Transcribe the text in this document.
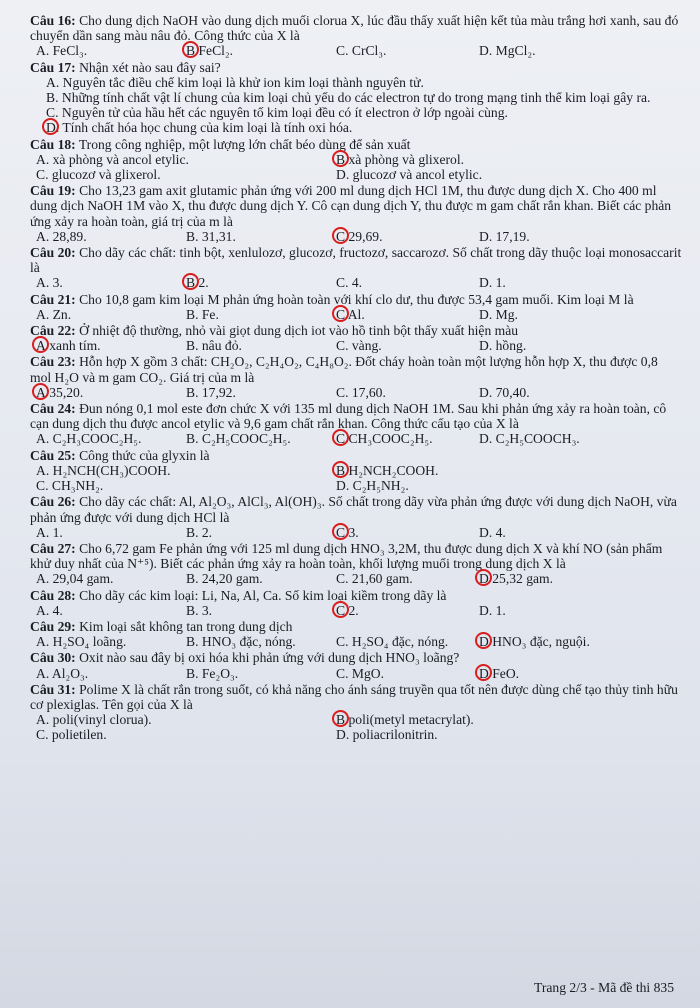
Câu 16: Cho dung dịch NaOH vào dung dịch muối clorua X, lúc đầu thấy xuất hiện kết tủa màu trắng hơi xanh, sau đó chuyển dần sang màu nâu đỏ. Công thức của X là
A. FeCl₃.	B FeCl₂.	C. CrCl₃.	D. MgCl₂.
Câu 17: Nhận xét nào sau đây sai?
A. Nguyên tắc điều chế kim loại là khử ion kim loại thành nguyên tử.
B. Những tính chất vật lí chung của kim loại chủ yếu do các electron tự do trong mạng tinh thể kim loại gây ra.
C. Nguyên tử của hầu hết các nguyên tố kim loại đều có ít electron ở lớp ngoài cùng.
D. Tính chất hóa học chung của kim loại là tính oxi hóa.
Câu 18: Trong công nghiệp, một lượng lớn chất béo dùng để sản xuất
A. xà phòng và ancol etylic.	B xà phòng và glixerol.
C. glucozơ và glixerol.	D. glucozơ và ancol etylic.
Câu 19: Cho 13,23 gam axit glutamic phản ứng với 200 ml dung dịch HCl 1M, thu được dung dịch X. Cho 400 ml dung dịch NaOH 1M vào X, thu được dung dịch Y. Cô cạn dung dịch Y, thu được m gam chất rắn khan. Biết các phản ứng xảy ra hoàn toàn, giá trị của m là
A. 28,89.	B. 31,31.	C 29,69.	D. 17,19.
Câu 20: Cho dãy các chất: tinh bột, xenlulozơ, glucozơ, fructozơ, saccarozơ. Số chất trong dãy thuộc loại monosaccarit là
A. 3.	B 2.	C. 4.	D. 1.
Câu 21: Cho 10,8 gam kim loại M phản ứng hoàn toàn với khí clo dư, thu được 53,4 gam muối. Kim loại M là
A. Zn.	B. Fe.	C Al.	D. Mg.
Câu 22: Ở nhiệt độ thường, nhỏ vài giọt dung dịch iot vào hồ tinh bột thấy xuất hiện màu
A xanh tím.	B. nâu đỏ.	C. vàng.	D. hồng.
Câu 23: Hỗn hợp X gồm 3 chất: CH₂O₂, C₂H₄O₂, C₄H₈O₂. Đốt cháy hoàn toàn một lượng hỗn hợp X, thu được 0,8 mol H₂O và m gam CO₂. Giá trị của m là
A 35,20.	B. 17,92.	C. 17,60.	D. 70,40.
Câu 24: Đun nóng 0,1 mol este đơn chức X với 135 ml dung dịch NaOH 1M. Sau khi phản ứng xảy ra hoàn toàn, cô cạn dung dịch thu được ancol etylic và 9,6 gam chất rắn khan. Công thức cấu tạo của X là
A. C₂H₃COOC₂H₅.	B. C₂H₅COOC₂H₅.	C CH₃COOC₂H₅.	D. C₂H₅COOCH₃.
Câu 25: Công thức của glyxin là
A. H₂NCH(CH₃)COOH.	B H₂NCH₂COOH.
C. CH₃NH₂.	D. C₂H₅NH₂.
Câu 26: Cho dãy các chất: Al, Al₂O₃, AlCl₃, Al(OH)₃. Số chất trong dãy vừa phản ứng được với dung dịch NaOH, vừa phản ứng được với dung dịch HCl là
A. 1.	B. 2.	C 3.	D. 4.
Câu 27: Cho 6,72 gam Fe phản ứng với 125 ml dung dịch HNO₃ 3,2M, thu được dung dịch X và khí NO (sản phẩm khử duy nhất của N⁺⁵). Biết các phản ứng xảy ra hoàn toàn, khối lượng muối trong dung dịch X là
A. 29,04 gam.	B. 24,20 gam.	C. 21,60 gam.	D 25,32 gam.
Câu 28: Cho dãy các kim loại: Li, Na, Al, Ca. Số kim loại kiềm trong dãy là
A. 4.	B. 3.	C 2.	D. 1.
Câu 29: Kim loại sắt không tan trong dung dịch
A. H₂SO₄ loãng.	B. HNO₃ đặc, nóng.	C. H₂SO₄ đặc, nóng.	D HNO₃ đặc, nguội.
Câu 30: Oxit nào sau đây bị oxi hóa khi phản ứng với dung dịch HNO₃ loãng?
A. Al₂O₃.	B. Fe₂O₃.	C. MgO.	D FeO.
Câu 31: Polime X là chất rắn trong suốt, có khả năng cho ánh sáng truyền qua tốt nên được dùng chế tạo thủy tinh hữu cơ plexiglas. Tên gọi của X là
A. poli(vinyl clorua).	B poli(metyl metacrylat).
C. polietilen.	D. poliacrilonitrin.
Trang 2/3 - Mã đề thi 835
